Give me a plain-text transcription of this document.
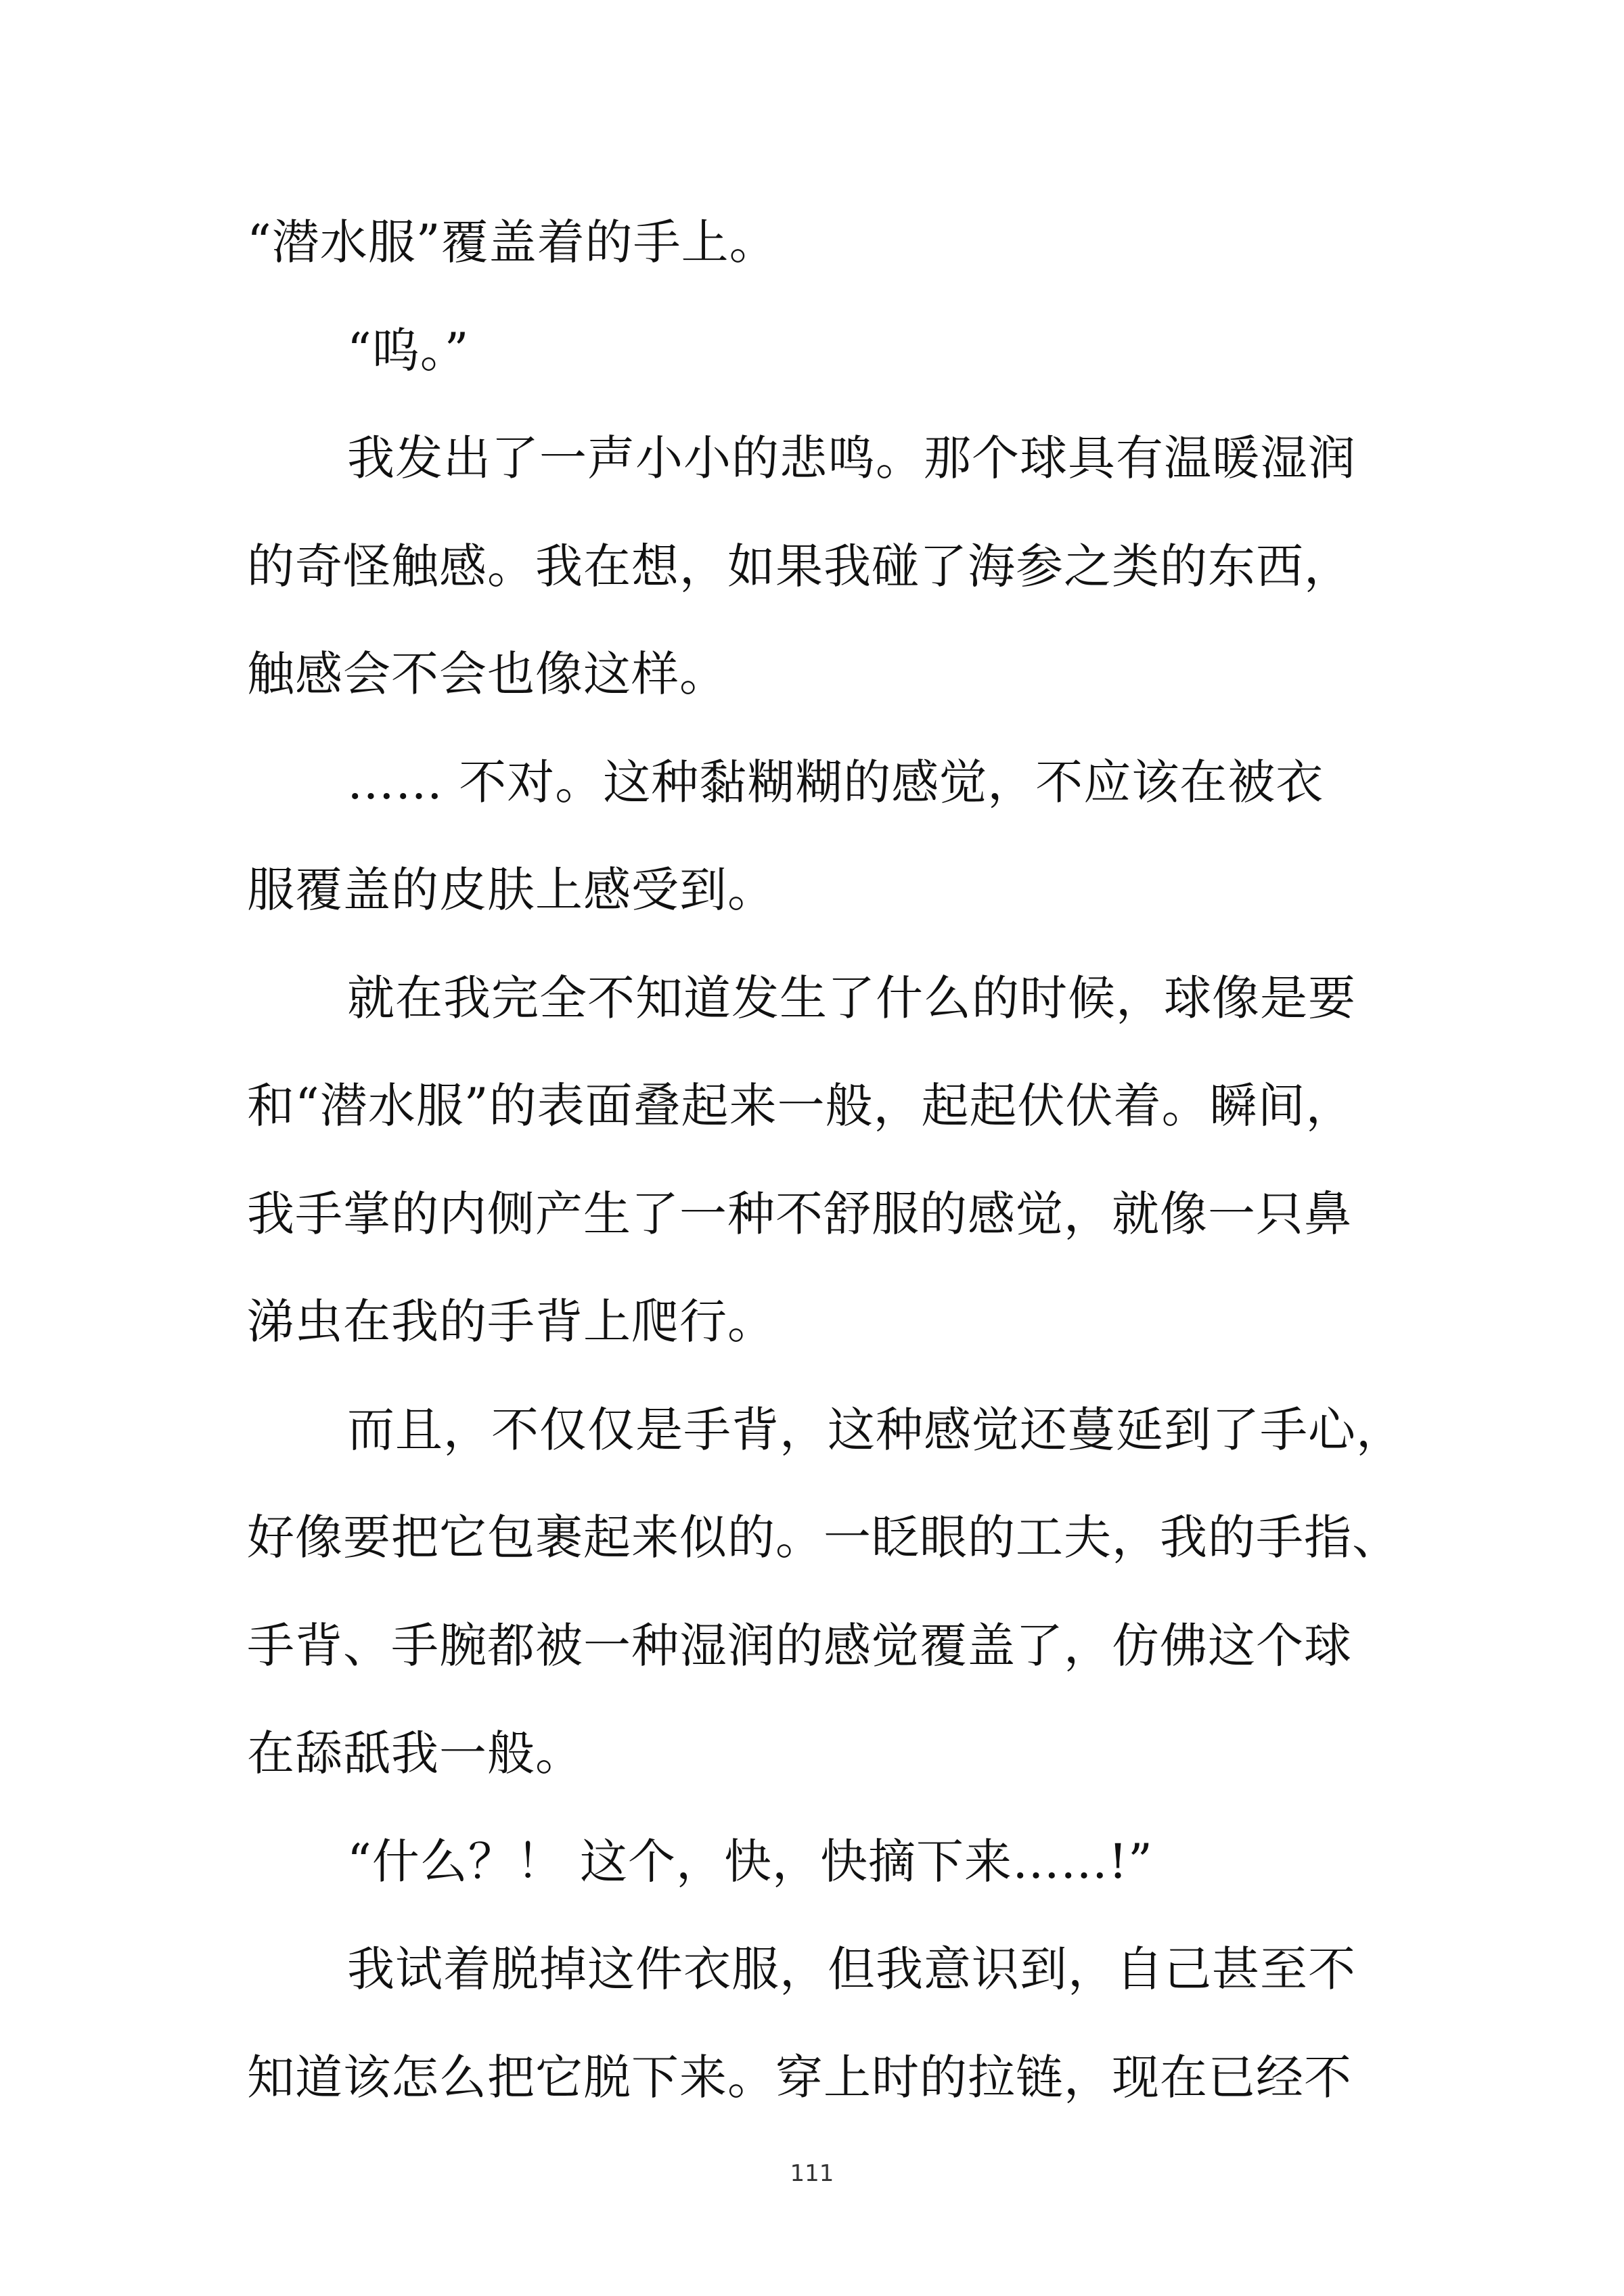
“潜水服”覆盖着的手上。
“呜。”
我发出了一声小小的悲鸣。那个球具有温暖湿润
的奇怪触感。我在想，如果我碰了海参之类的东西，
触感会不会也像这样。
…… 不对。这种黏糊糊的感觉，不应该在被衣
服覆盖的皮肤上感受到。
就在我完全不知道发生了什么的时候，球像是要
和“潜水服”的表面叠起来一般，起起伏伏着。瞬间，
我手掌的内侧产生了一种不舒服的感觉，就像一只鼻
涕虫在我的手背上爬行。
而且，不仅仅是手背，这种感觉还蔓延到了手心，
好像要把它包裹起来似的。一眨眼的工夫，我的手指、
手背、手腕都被一种湿润的感觉覆盖了，仿佛这个球
在舔舐我一般。
“什么？！ 这个，快，快摘下来……!”
我试着脱掉这件衣服，但我意识到，自己甚至不
知道该怎么把它脱下来。穿上时的拉链，现在已经不
111
